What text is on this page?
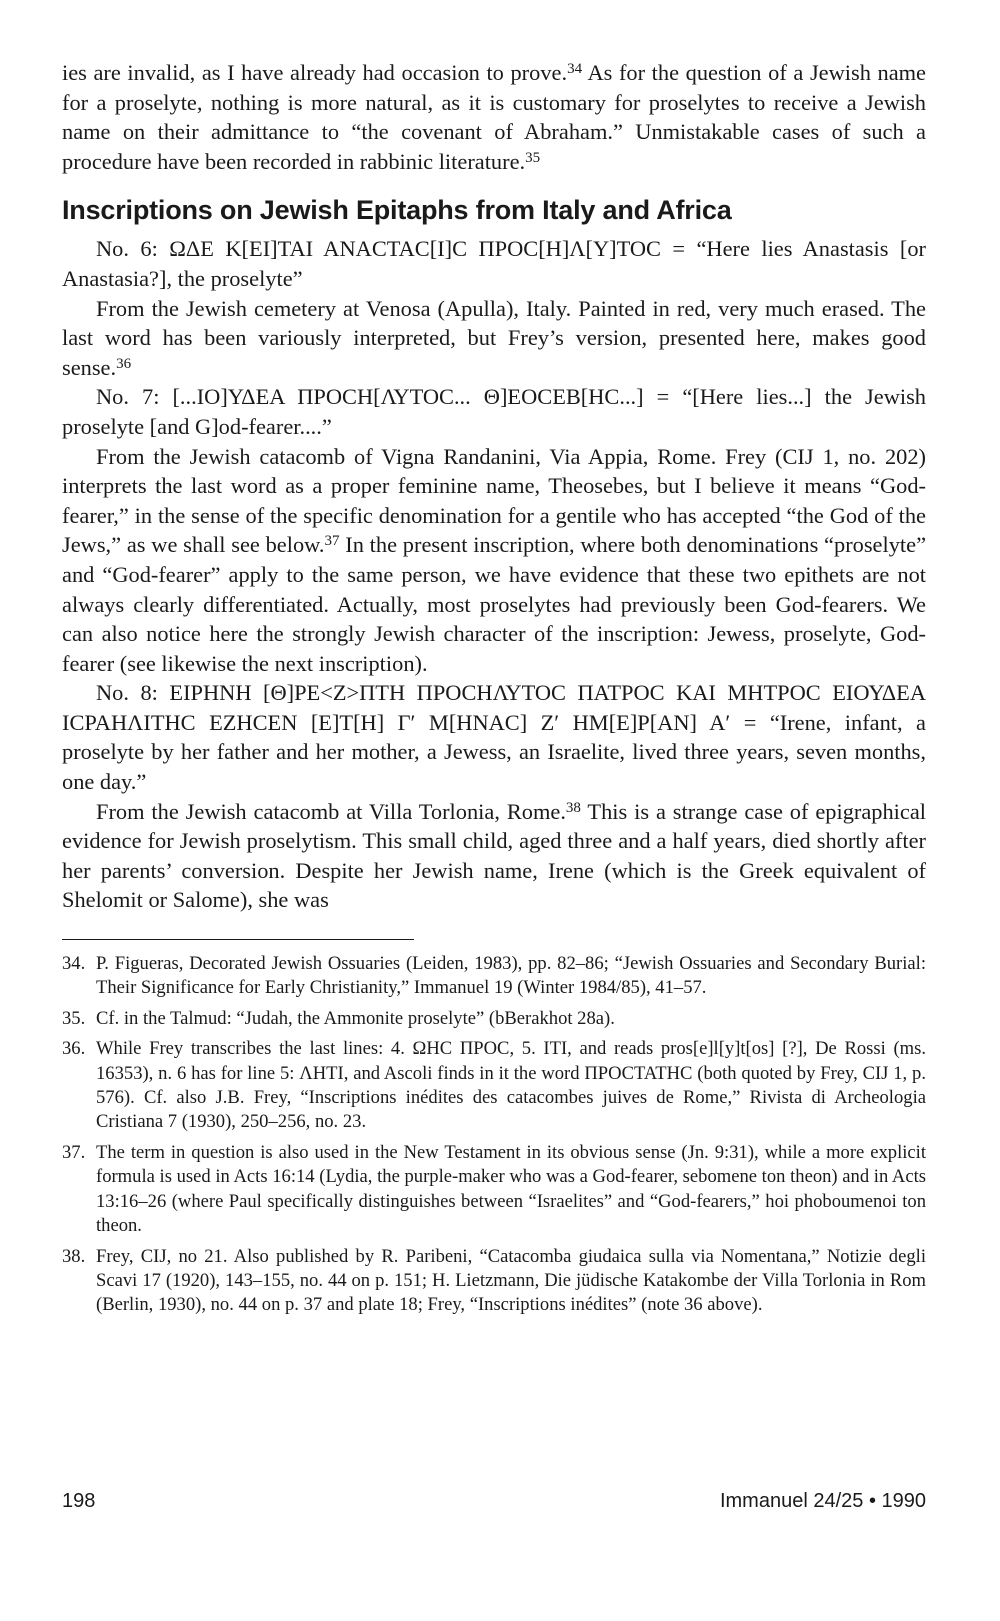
ies are invalid, as I have already had occasion to prove.$^{34}$ As for the question of a Jewish name for a proselyte, nothing is more natural, as it is customary for proselytes to receive a Jewish name on their admittance to “the covenant of Abraham.” Unmistakable cases of such a procedure have been recorded in rabbinic literature.$^{35}$

Inscriptions on Jewish Epitaphs from Italy and Africa

No. 6: ΩΔΕ Κ[ΕΙ]ΤΑΙ ΑΝΑCΤΑC[Ι]C ΠΡΟC[Η]Λ[Υ]ΤΟC = “Here lies Anastasis [or Anastasia?], the proselyte”

From the Jewish cemetery at Venosa (Apulla), Italy. Painted in red, very much erased. The last word has been variously interpreted, but Frey’s version, presented here, makes good sense.$^{36}$

No. 7: [...ΙΟ]ΥΔΕΑ ΠΡΟCΗ[ΛΥΤΟC... Θ]ΕΟCΕΒ[ΗC...] = “[Here lies...] the Jewish proselyte [and G]od-fearer....”

From the Jewish catacomb of Vigna Randanini, Via Appia, Rome. Frey (CIJ 1, no. 202) interprets the last word as a proper feminine name, Theosebes, but I believe it means “God-fearer,” in the sense of the specific denomination for a gentile who has accepted “the God of the Jews,” as we shall see below.$^{37}$ In the present inscription, where both denominations “proselyte” and “God-fearer” apply to the same person, we have evidence that these two epithets are not always clearly differentiated. Actually, most proselytes had previously been God-fearers. We can also notice here the strongly Jewish character of the inscription: Jewess, proselyte, God-fearer (see likewise the next inscription).

No. 8: ΕΙΡΗΝΗ [Θ]ΡΕ<Ζ>ΠΤΗ ΠΡΟCΗΛΥΤΟC ΠΑΤΡΟC ΚΑΙ ΜΗΤΡΟC ΕΙΟΥΔΕΑ ΙCΡΑΗΛΙΤΗC ΕΖΗCΕΝ [Ε]Τ[Η] Γ′ Μ[ΗΝΑC] Ζ′ ΗΜ[Ε]Ρ[ΑΝ] Α′ = “Irene, infant, a proselyte by her father and her mother, a Jewess, an Israelite, lived three years, seven months, one day.”

From the Jewish catacomb at Villa Torlonia, Rome.$^{38}$ This is a strange case of epigraphical evidence for Jewish proselytism. This small child, aged three and a half years, died shortly after her parents’ conversion. Despite her Jewish name, Irene (which is the Greek equivalent of Shelomit or Salome), she was

34. P. Figueras, Decorated Jewish Ossuaries (Leiden, 1983), pp. 82–86; “Jewish Ossuaries and Secondary Burial: Their Significance for Early Christianity,” Immanuel 19 (Winter 1984/85), 41–57.
35. Cf. in the Talmud: “Judah, the Ammonite proselyte” (bBerakhot 28a).
36. While Frey transcribes the last lines: 4. ΩΗC ΠΡΟC, 5. ΙΤΙ, and reads pros[e]l[y]t[os] [?], De Rossi (ms. 16353), n. 6 has for line 5: ΛΗΤΙ, and Ascoli finds in it the word ΠΡΟCΤΑΤΗC (both quoted by Frey, CIJ 1, p. 576). Cf. also J.B. Frey, “Inscriptions inédites des catacombes juives de Rome,” Rivista di Archeologia Cristiana 7 (1930), 250–256, no. 23.
37. The term in question is also used in the New Testament in its obvious sense (Jn. 9:31), while a more explicit formula is used in Acts 16:14 (Lydia, the purple-maker who was a God-fearer, sebomene ton theon) and in Acts 13:16–26 (where Paul specifically distinguishes between “Israelites” and “God-fearers,” hoi phoboumenoi ton theon.
38. Frey, CIJ, no 21. Also published by R. Paribeni, “Catacomba giudaica sulla via Nomentana,” Notizie degli Scavi 17 (1920), 143–155, no. 44 on p. 151; H. Lietzmann, Die jüdische Katakombe der Villa Torlonia in Rom (Berlin, 1930), no. 44 on p. 37 and plate 18; Frey, “Inscriptions inédites” (note 36 above).
198	Immanuel 24/25 • 1990
